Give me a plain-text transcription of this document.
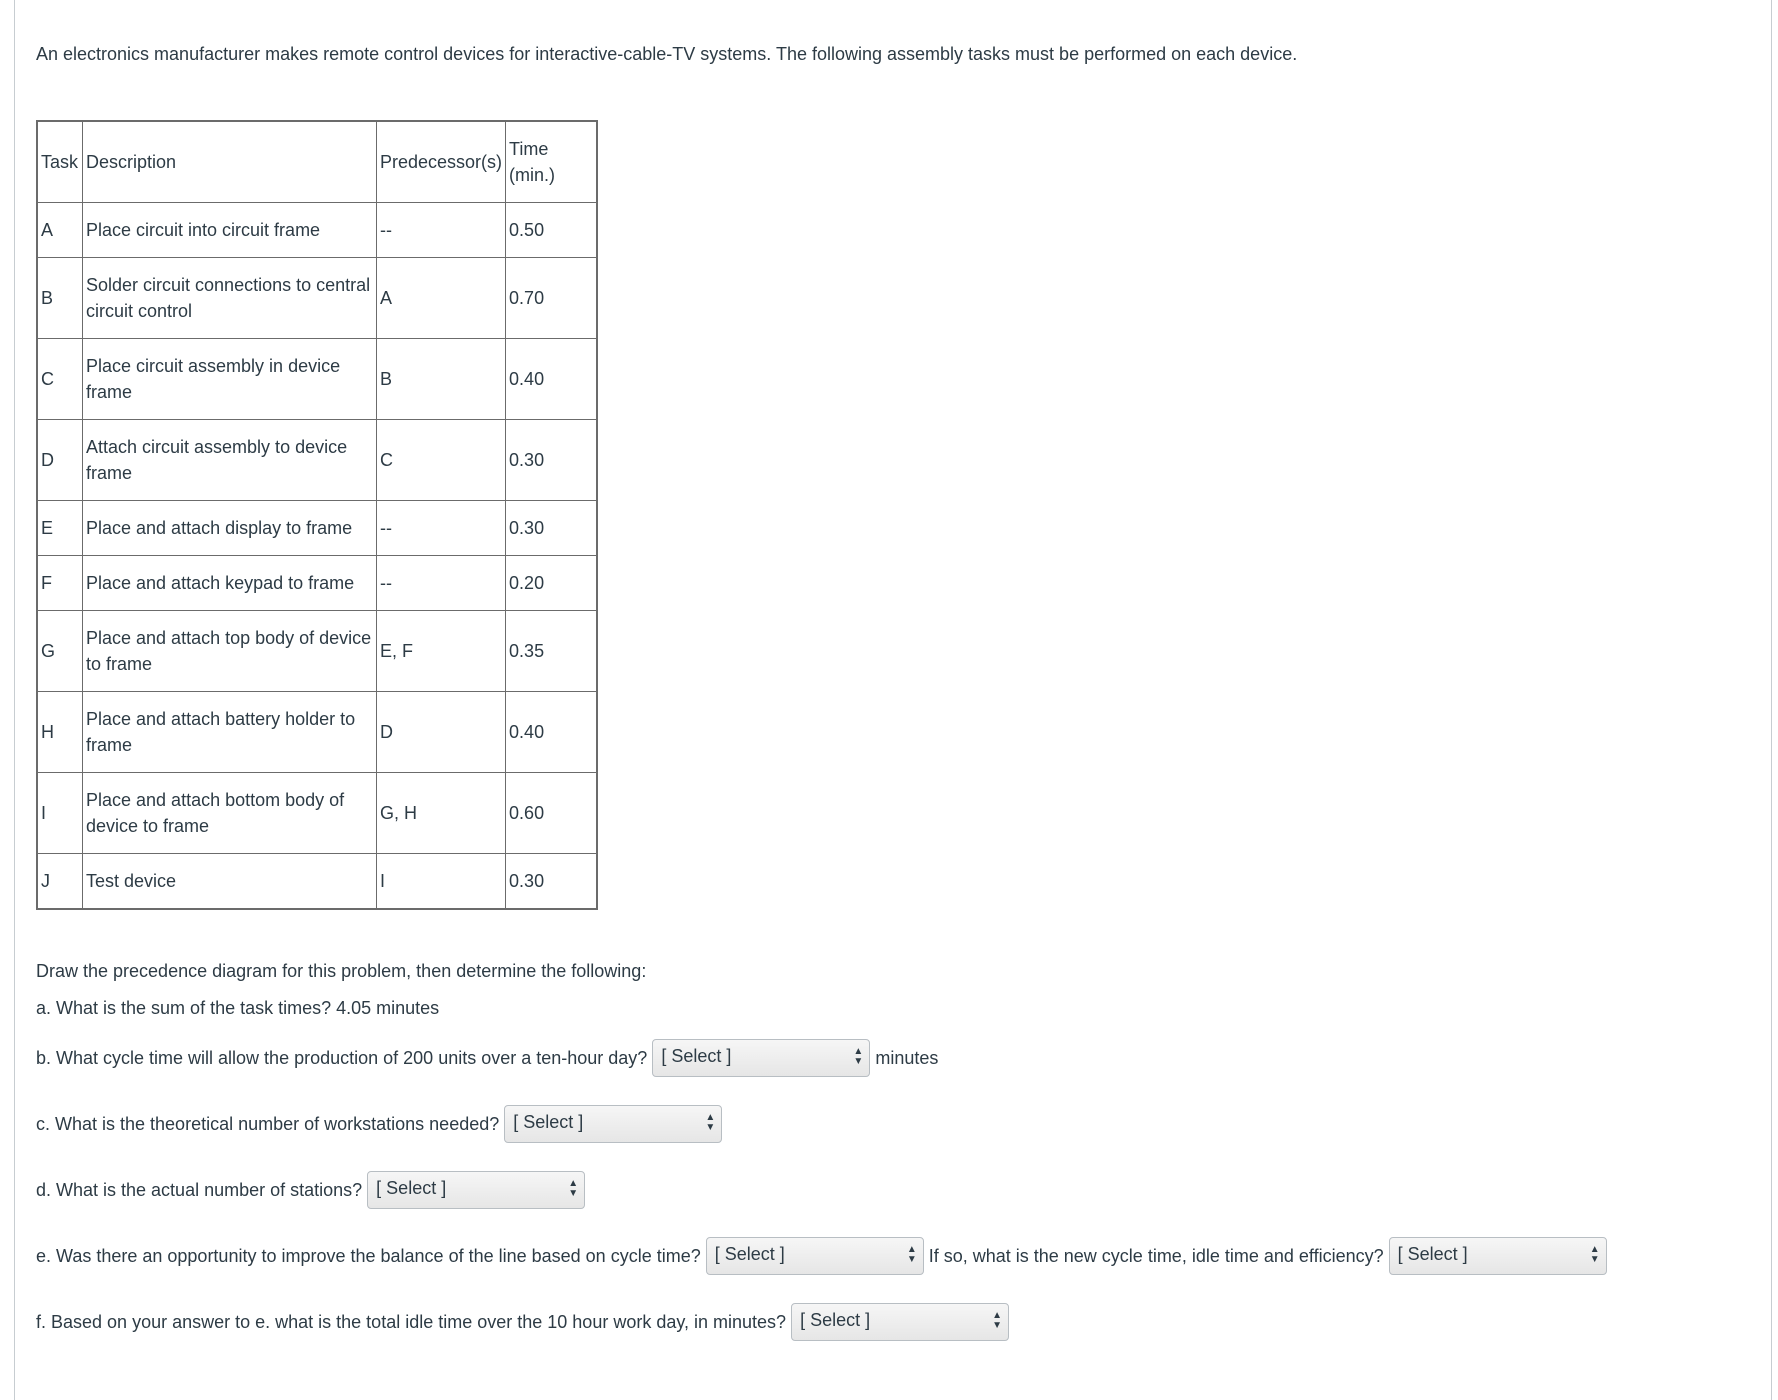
An electronics manufacturer makes remote control devices for interactive-cable-TV systems. The following assembly tasks must be performed on each device.
Task	Description	Predecessor(s)	Time
(min.)
A	Place circuit into circuit frame	--	0.50
B	Solder circuit connections to central circuit control	A	0.70
C	Place circuit assembly in device frame	B	0.40
D	Attach circuit assembly to device frame	C	0.30
E	Place and attach display to frame	--	0.30
F	Place and attach keypad to frame	--	0.20
G	Place and attach top body of device to frame	E, F	0.35
H	Place and attach battery holder to frame	D	0.40
I	Place and attach bottom body of device to frame	G, H	0.60
J	Test device	I	0.30
Draw the precedence diagram for this problem, then determine the following:
a. What is the sum of the task times? 4.05 minutes
b. What cycle time will allow the production of 200 units over a ten-hour day? [ Select ]	▲
▼ minutes
c. What is the theoretical number of workstations needed? [ Select ]	▲
▼
d. What is the actual number of stations? [ Select ]	▲
▼
e. Was there an opportunity to improve the balance of the line based on cycle time? [ Select ]	▲
▼ If so, what is the new cycle time, idle time and efficiency? [ Select ]	▲
▼
f. Based on your answer to e. what is the total idle time over the 10 hour work day, in minutes? [ Select ]	▲
▼
